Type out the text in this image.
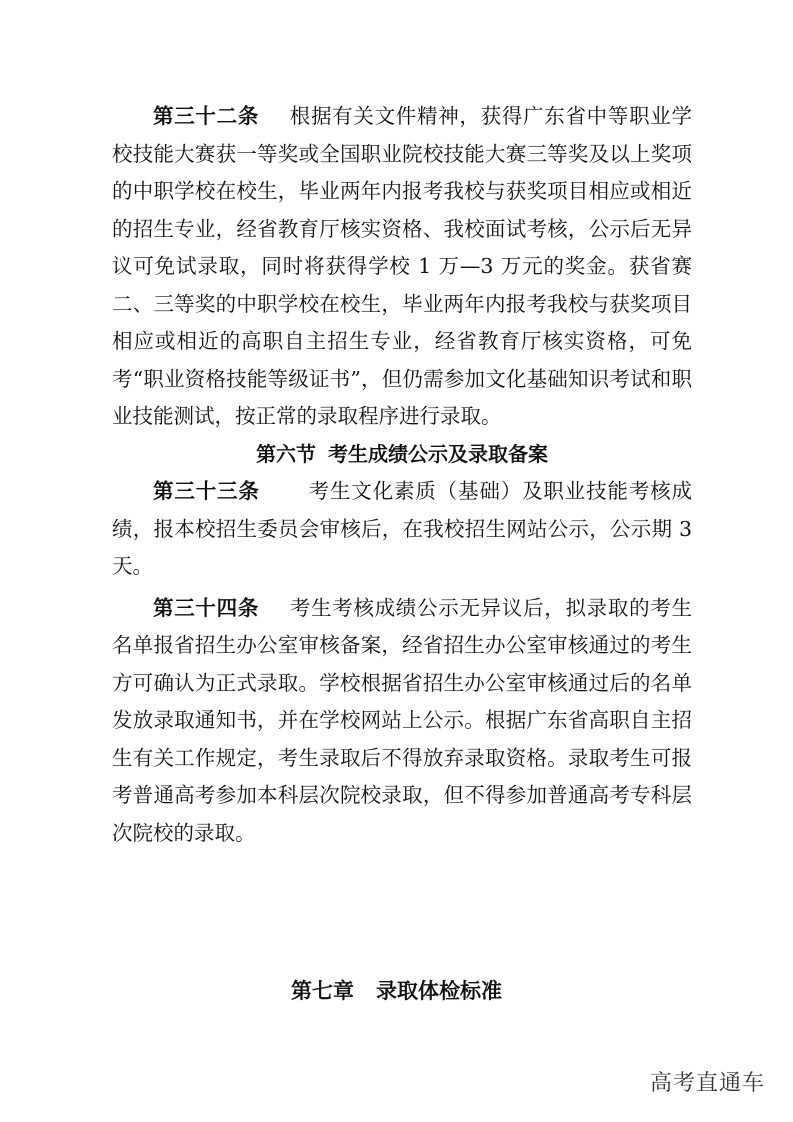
第三十二条 根据有关文件精神，获得广东省中等职业学校技能大赛获一等奖或全国职业院校技能大赛三等奖及以上奖项的中职学校在校生，毕业两年内报考我校与获奖项目相应或相近的招生专业，经省教育厅核实资格、我校面试考核，公示后无异议可免试录取，同时将获得学校 1 万—3 万元的奖金。获省赛二、三等奖的中职学校在校生，毕业两年内报考我校与获奖项目相应或相近的高职自主招生专业，经省教育厅核实资格，可免考“职业资格技能等级证书”，但仍需参加文化基础知识考试和职业技能测试，按正常的录取程序进行录取。

第六节 考生成绩公示及录取备案

第三十三条 考生文化素质（基础）及职业技能考核成绩，报本校招生委员会审核后，在我校招生网站公示，公示期 3 天。

第三十四条 考生考核成绩公示无异议后，拟录取的考生名单报省招生办公室审核备案，经省招生办公室审核通过的考生方可确认为正式录取。学校根据省招生办公室审核通过后的名单发放录取通知书，并在学校网站上公示。根据广东省高职自主招生有关工作规定，考生录取后不得放弃录取资格。录取考生可报考普通高考参加本科层次院校录取，但不得参加普通高考专科层次院校的录取。

第七章 录取体检标准
高考直通车
